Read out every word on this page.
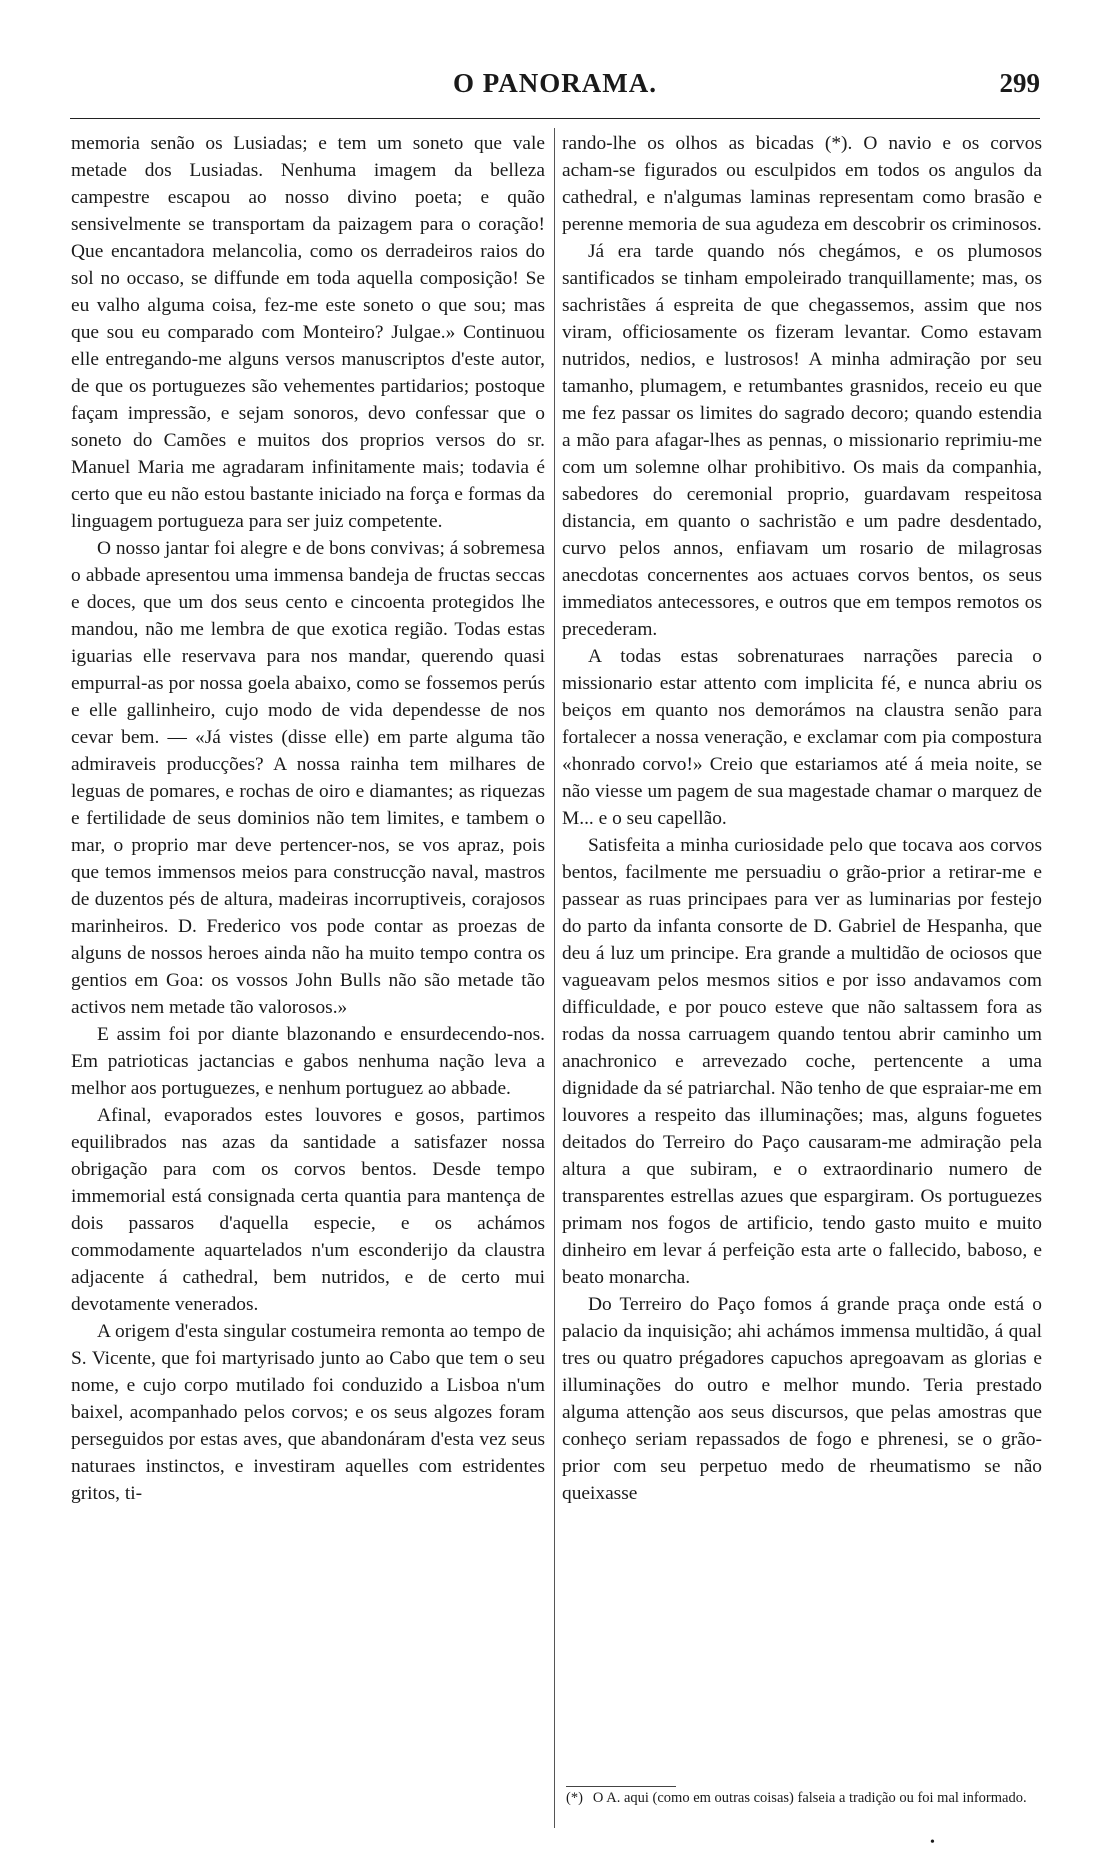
O PANORAMA.	299

memoria senão os Lusiadas; e tem um soneto que vale metade dos Lusiadas. Nenhuma imagem da belleza campestre escapou ao nosso divino poeta; e quão sensivelmente se transportam da paizagem para o coração! Que encantadora melancolia, como os derradeiros raios do sol no occaso, se diffunde em toda aquella composição! Se eu valho alguma coisa, fez-me este soneto o que sou; mas que sou eu comparado com Monteiro? Julgae.» Continuou elle entregando-me alguns versos manuscriptos d'este autor, de que os portuguezes são vehementes partidarios; postoque façam impressão, e sejam sonoros, devo confessar que o soneto do Camões e muitos dos proprios versos do sr. Manuel Maria me agradaram infinitamente mais; todavia é certo que eu não estou bastante iniciado na força e formas da linguagem portugueza para ser juiz competente.

O nosso jantar foi alegre e de bons convivas; á sobremesa o abbade apresentou uma immensa bandeja de fructas seccas e doces, que um dos seus cento e cincoenta protegidos lhe mandou, não me lembra de que exotica região. Todas estas iguarias elle reservava para nos mandar, querendo quasi empurral-as por nossa goela abaixo, como se fossemos perús e elle gallinheiro, cujo modo de vida dependesse de nos cevar bem. — «Já vistes (disse elle) em parte alguma tão admiraveis producções? A nossa rainha tem milhares de leguas de pomares, e rochas de oiro e diamantes; as riquezas e fertilidade de seus dominios não tem limites, e tambem o mar, o proprio mar deve pertencer-nos, se vos apraz, pois que temos immensos meios para construcção naval, mastros de duzentos pés de altura, madeiras incorruptiveis, corajosos marinheiros. D. Frederico vos pode contar as proezas de alguns de nossos heroes ainda não ha muito tempo contra os gentios em Goa: os vossos John Bulls não são metade tão activos nem metade tão valorosos.»

E assim foi por diante blazonando e ensurdecendo-nos. Em patrioticas jactancias e gabos nenhuma nação leva a melhor aos portuguezes, e nenhum portuguez ao abbade.

Afinal, evaporados estes louvores e gosos, partimos equilibrados nas azas da santidade a satisfazer nossa obrigação para com os corvos bentos. Desde tempo immemorial está consignada certa quantia para mantença de dois passaros d'aquella especie, e os achámos commodamente aquartelados n'um esconderijo da claustra adjacente á cathedral, bem nutridos, e de certo mui devotamente venerados.

A origem d'esta singular costumeira remonta ao tempo de S. Vicente, que foi martyrisado junto ao Cabo que tem o seu nome, e cujo corpo mutilado foi conduzido a Lisboa n'um baixel, acompanhado pelos corvos; e os seus algozes foram perseguidos por estas aves, que abandonáram d'esta vez seus naturaes instinctos, e investiram aquelles com estridentes gritos, ti-

rando-lhe os olhos as bicadas (*). O navio e os corvos acham-se figurados ou esculpidos em todos os angulos da cathedral, e n'algumas laminas representam como brasão e perenne memoria de sua agudeza em descobrir os criminosos.

Já era tarde quando nós chegámos, e os plumosos santificados se tinham empoleirado tranquillamente; mas, os sachristães á espreita de que chegassemos, assim que nos viram, officiosamente os fizeram levantar. Como estavam nutridos, nedios, e lustrosos! A minha admiração por seu tamanho, plumagem, e retumbantes grasnidos, receio eu que me fez passar os limites do sagrado decoro; quando estendia a mão para afagar-lhes as pennas, o missionario reprimiu-me com um solemne olhar prohibitivo. Os mais da companhia, sabedores do ceremonial proprio, guardavam respeitosa distancia, em quanto o sachristão e um padre desdentado, curvo pelos annos, enfiavam um rosario de milagrosas anecdotas concernentes aos actuaes corvos bentos, os seus immediatos antecessores, e outros que em tempos remotos os precederam.

A todas estas sobrenaturaes narrações parecia o missionario estar attento com implicita fé, e nunca abriu os beiços em quanto nos demorámos na claustra senão para fortalecer a nossa veneração, e exclamar com pia compostura «honrado corvo!» Creio que estariamos até á meia noite, se não viesse um pagem de sua magestade chamar o marquez de M... e o seu capellão.

Satisfeita a minha curiosidade pelo que tocava aos corvos bentos, facilmente me persuadiu o grão-prior a retirar-me e passear as ruas principaes para ver as luminarias por festejo do parto da infanta consorte de D. Gabriel de Hespanha, que deu á luz um principe. Era grande a multidão de ociosos que vagueavam pelos mesmos sitios e por isso andavamos com difficuldade, e por pouco esteve que não saltassem fora as rodas da nossa carruagem quando tentou abrir caminho um anachronico e arrevezado coche, pertencente a uma dignidade da sé patriarchal. Não tenho de que espraiar-me em louvores a respeito das illuminações; mas, alguns foguetes deitados do Terreiro do Paço causaram-me admiração pela altura a que subiram, e o extraordinario numero de transparentes estrellas azues que espargiram. Os portuguezes primam nos fogos de artificio, tendo gasto muito e muito dinheiro em levar á perfeição esta arte o fallecido, baboso, e beato monarcha.

Do Terreiro do Paço fomos á grande praça onde está o palacio da inquisição; ahi achámos immensa multidão, á qual tres ou quatro prégadores capuchos apregoavam as glorias e illuminações do outro e melhor mundo. Teria prestado alguma attenção aos seus discursos, que pelas amostras que conheço seriam repassados de fogo e phrenesi, se o grão-prior com seu perpetuo medo de rheumatismo se não queixasse

(*) O A. aqui (como em outras coisas) falseia a tradição ou foi mal informado.
•
